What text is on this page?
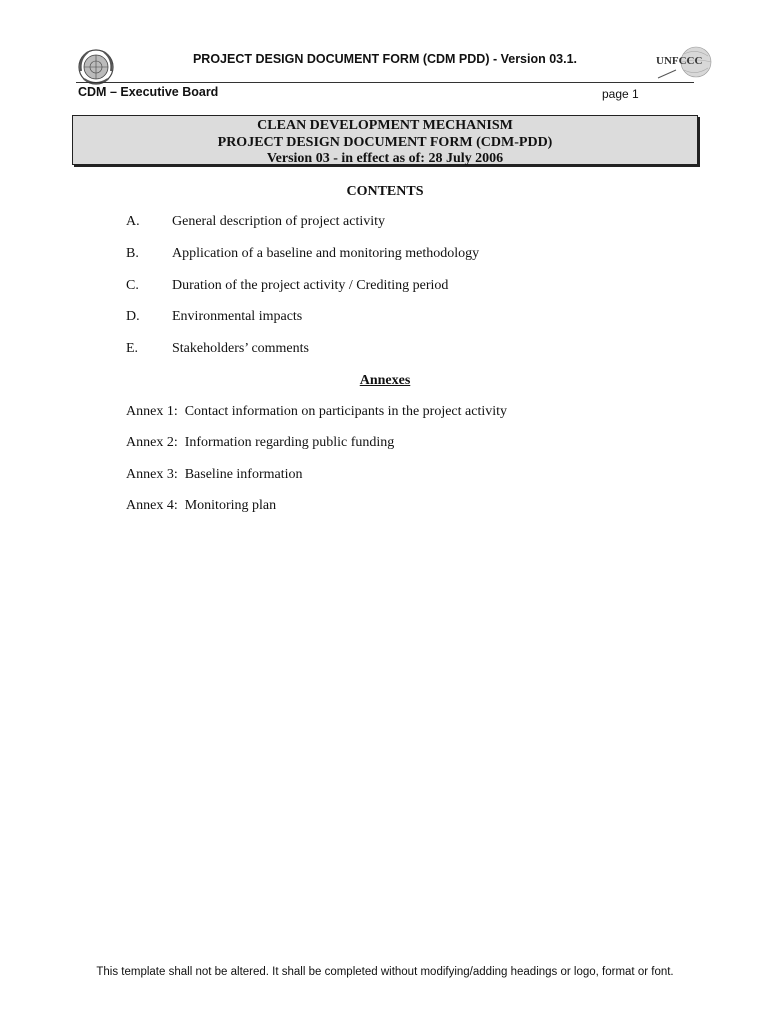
UNFCCC
PROJECT DESIGN DOCUMENT FORM (CDM PDD) - Version 03.1.
CDM – Executive Board	page 1
CLEAN DEVELOPMENT MECHANISM
PROJECT DESIGN DOCUMENT FORM (CDM-PDD)
Version 03 - in effect as of: 28 July 2006
CONTENTS
A. General description of project activity
B. Application of a baseline and monitoring methodology
C. Duration of the project activity / Crediting period
D. Environmental impacts
E. Stakeholders’ comments
Annexes
Annex 1:  Contact information on participants in the project activity
Annex 2:  Information regarding public funding
Annex 3:  Baseline information
Annex 4:  Monitoring plan
This template shall not be altered. It shall be completed without modifying/adding headings or logo, format or font.
